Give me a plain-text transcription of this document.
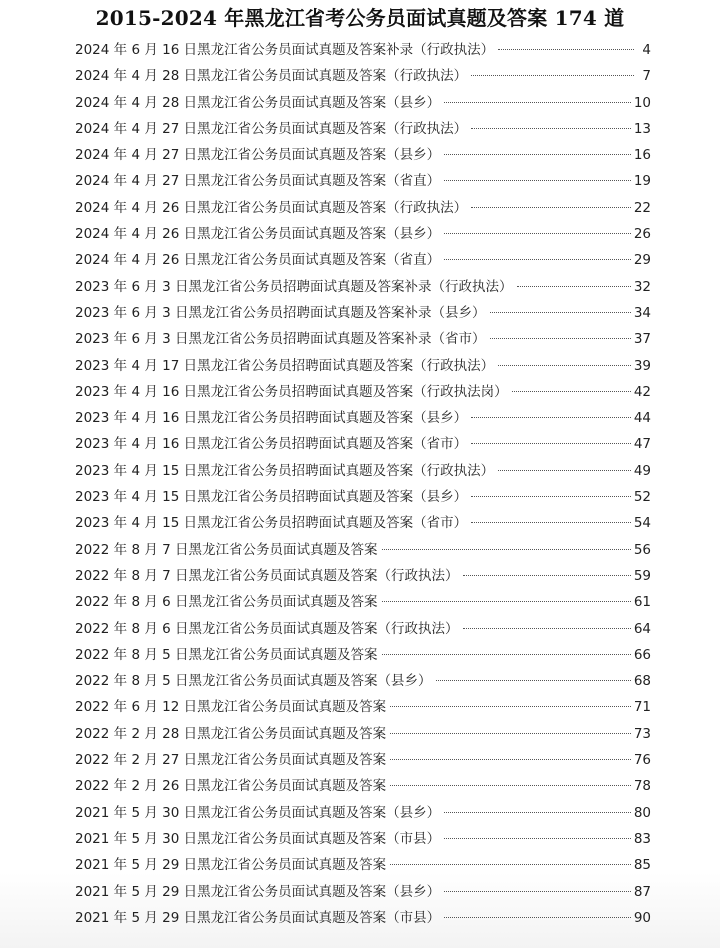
2015-2024 年黑龙江省考公务员面试真题及答案 174 道
2024 年 6 月 16 日黑龙江省公务员面试真题及答案补录（行政执法）	4
2024 年 4 月 28 日黑龙江省公务员面试真题及答案（行政执法）	7
2024 年 4 月 28 日黑龙江省公务员面试真题及答案（县乡）	10
2024 年 4 月 27 日黑龙江省公务员面试真题及答案（行政执法）	13
2024 年 4 月 27 日黑龙江省公务员面试真题及答案（县乡）	16
2024 年 4 月 27 日黑龙江省公务员面试真题及答案（省直）	19
2024 年 4 月 26 日黑龙江省公务员面试真题及答案（行政执法）	22
2024 年 4 月 26 日黑龙江省公务员面试真题及答案（县乡）	26
2024 年 4 月 26 日黑龙江省公务员面试真题及答案（省直）	29
2023 年 6 月 3 日黑龙江省公务员招聘面试真题及答案补录（行政执法）	32
2023 年 6 月 3 日黑龙江省公务员招聘面试真题及答案补录（县乡）	34
2023 年 6 月 3 日黑龙江省公务员招聘面试真题及答案补录（省市）	37
2023 年 4 月 17 日黑龙江省公务员招聘面试真题及答案（行政执法）	39
2023 年 4 月 16 日黑龙江省公务员招聘面试真题及答案（行政执法岗）	42
2023 年 4 月 16 日黑龙江省公务员招聘面试真题及答案（县乡）	44
2023 年 4 月 16 日黑龙江省公务员招聘面试真题及答案（省市）	47
2023 年 4 月 15 日黑龙江省公务员招聘面试真题及答案（行政执法）	49
2023 年 4 月 15 日黑龙江省公务员招聘面试真题及答案（县乡）	52
2023 年 4 月 15 日黑龙江省公务员招聘面试真题及答案（省市）	54
2022 年 8 月 7 日黑龙江省公务员面试真题及答案	56
2022 年 8 月 7 日黑龙江省公务员面试真题及答案（行政执法）	59
2022 年 8 月 6 日黑龙江省公务员面试真题及答案	61
2022 年 8 月 6 日黑龙江省公务员面试真题及答案（行政执法）	64
2022 年 8 月 5 日黑龙江省公务员面试真题及答案	66
2022 年 8 月 5 日黑龙江省公务员面试真题及答案（县乡）	68
2022 年 6 月 12 日黑龙江省公务员面试真题及答案	71
2022 年 2 月 28 日黑龙江省公务员面试真题及答案	73
2022 年 2 月 27 日黑龙江省公务员面试真题及答案	76
2022 年 2 月 26 日黑龙江省公务员面试真题及答案	78
2021 年 5 月 30 日黑龙江省公务员面试真题及答案（县乡）	80
2021 年 5 月 30 日黑龙江省公务员面试真题及答案（市县）	83
2021 年 5 月 29 日黑龙江省公务员面试真题及答案	85
2021 年 5 月 29 日黑龙江省公务员面试真题及答案（县乡）	87
2021 年 5 月 29 日黑龙江省公务员面试真题及答案（市县）	90
